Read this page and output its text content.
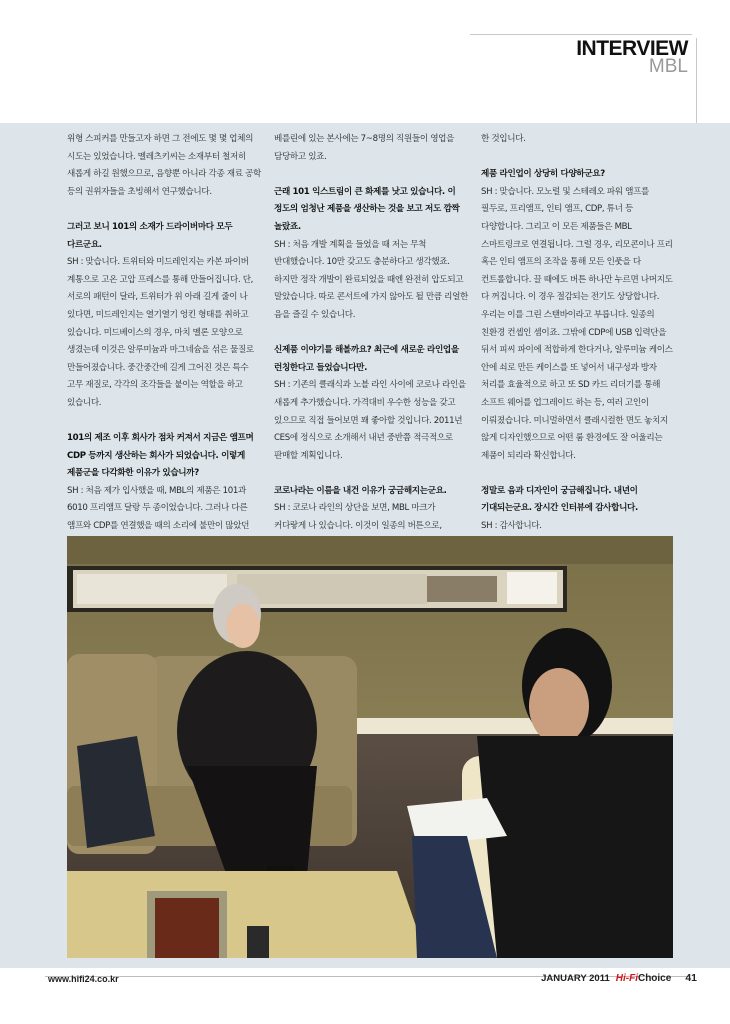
INTERVIEW
MBL

위형 스피커를 만들고자 하면 그 전에도 몇 몇 업체의 시도는 있었습니다. 멜레츠키씨는 소재부터 철저히 새롭게 하길 원했으므로, 음향뿐 아니라 각종 재료 공학 등의 권위자들을 초빙해서 연구했습니다.

그러고 보니 101의 소재가 드라이버마다 모두 다르군요.

SH : 맞습니다. 트위터와 미드레인지는 카본 파이버 계통으로 고온 고압 프레스를 통해 만들어집니다. 단, 서로의 패턴이 달라, 트위터가 위 아래 길게 줄이 나 있다면, 미드레인지는 열기열기 엉킨 형태를 취하고 있습니다. 미드베이스의 경우, 마치 멜론 모양으로 생겼는데 이것은 알루미늄과 마그네슘을 섞은 물질로 만들어졌습니다. 중간중간에 길게 그어진 것은 특수 고무 재질로, 각각의 조각들을 붙이는 역할을 하고 있습니다.

101의 제조 이후 회사가 점차 커져서 지금은 앰프며 CDP 등까지 생산하는 회사가 되었습니다. 이렇게 제품군을 다각화한 이유가 있습니까?

SH : 처음 제가 입사했을 때, MBL의 제품은 101과 6010 프리앰프 달랑 두 종이었습니다. 그러나 다른 앰프와 CDP를 연결했을 때의 소리에 불만이 많았던

베를린에 있는 본사에는 7~8명의 직원들이 영업을 담당하고 있죠.

근래 101 익스트림이 큰 화제를 낫고 있습니다. 이 정도의 엄청난 제품을 생산하는 것을 보고 저도 깜짝 놀랐죠.

SH : 처음 개발 계획을 들었을 때 저는 무척 반대했습니다. 10만 갖고도 충분하다고 생각했죠. 하지만 정작 개발이 완료되었을 때엔 완전히 압도되고 말았습니다. 따로 콘서트에 가지 않아도 될 만큼 리얼한 음을 즐길 수 있습니다.

신제품 이야기를 해볼까요? 최근에 새로운 라인업을 런칭한다고 들었습니다만.

SH : 기존의 클래식과 노블 라인 사이에 코로나 라인을 새롭게 추가했습니다. 가격대비 우수한 성능을 갖고 있으므로 직접 들어보면 꽤 좋아할 것입니다. 2011년 CES에 정식으로 소개해서 내년 중반쯤 적극적으로 판매할 계획입니다.

코로나라는 이름을 내건 이유가 궁금해지는군요.

SH : 코로나 라인의 상단을 보면, MBL 마크가 커다랗게 나 있습니다. 이것이 일종의 버튼으로,

한 것입니다.

제품 라인업이 상당히 다양하군요?

SH : 맞습니다. 모노럴 및 스테레오 파워 앰프를 필두로, 프리앰프, 인티 앰프, CDP, 튜너 등 다양합니다. 그리고 이 모든 제품들은 MBL 스마트링크로 연결됩니다. 그럴 경우, 리모콘이나 프리 혹은 인티 앰프의 조작을 통해 모든 인풋을 다 컨트롤합니다. 끌 때에도 버튼 하나만 누르면 나머지도 다 꺼집니다. 이 경우 절감되는 전기도 상당합니다. 우리는 이를 그린 스탠바이라고 부릅니다. 일종의 친환경 컨셉인 셈이죠. 그밖에 CDP에 USB 입력단을 뒤서 피씨 파이에 적합하게 한다거나, 알루미늄 케이스 안에 쇠로 만든 케이스를 또 넣어서 내구성과 방자 처리를 효율적으로 하고 또 SD 카드 리더기를 통해 소프트 웨어를 업그레이드 하는 등, 여러 고인이 이뤄졌습니다. 미니멀하면서 클래시컬한 면도 놓치지 않게 디자인했으므로 어떤 룸 환경에도 잘 어울리는 제품이 되리라 확신합니다.

정말로 음과 디자인이 궁금해집니다. 내년이 기대되는군요. 장시간 인터뷰에 감사합니다.

SH : 감사합니다.

www.hifi24.co.kr	JANUARY 2011 Hi-FiChoice 41
